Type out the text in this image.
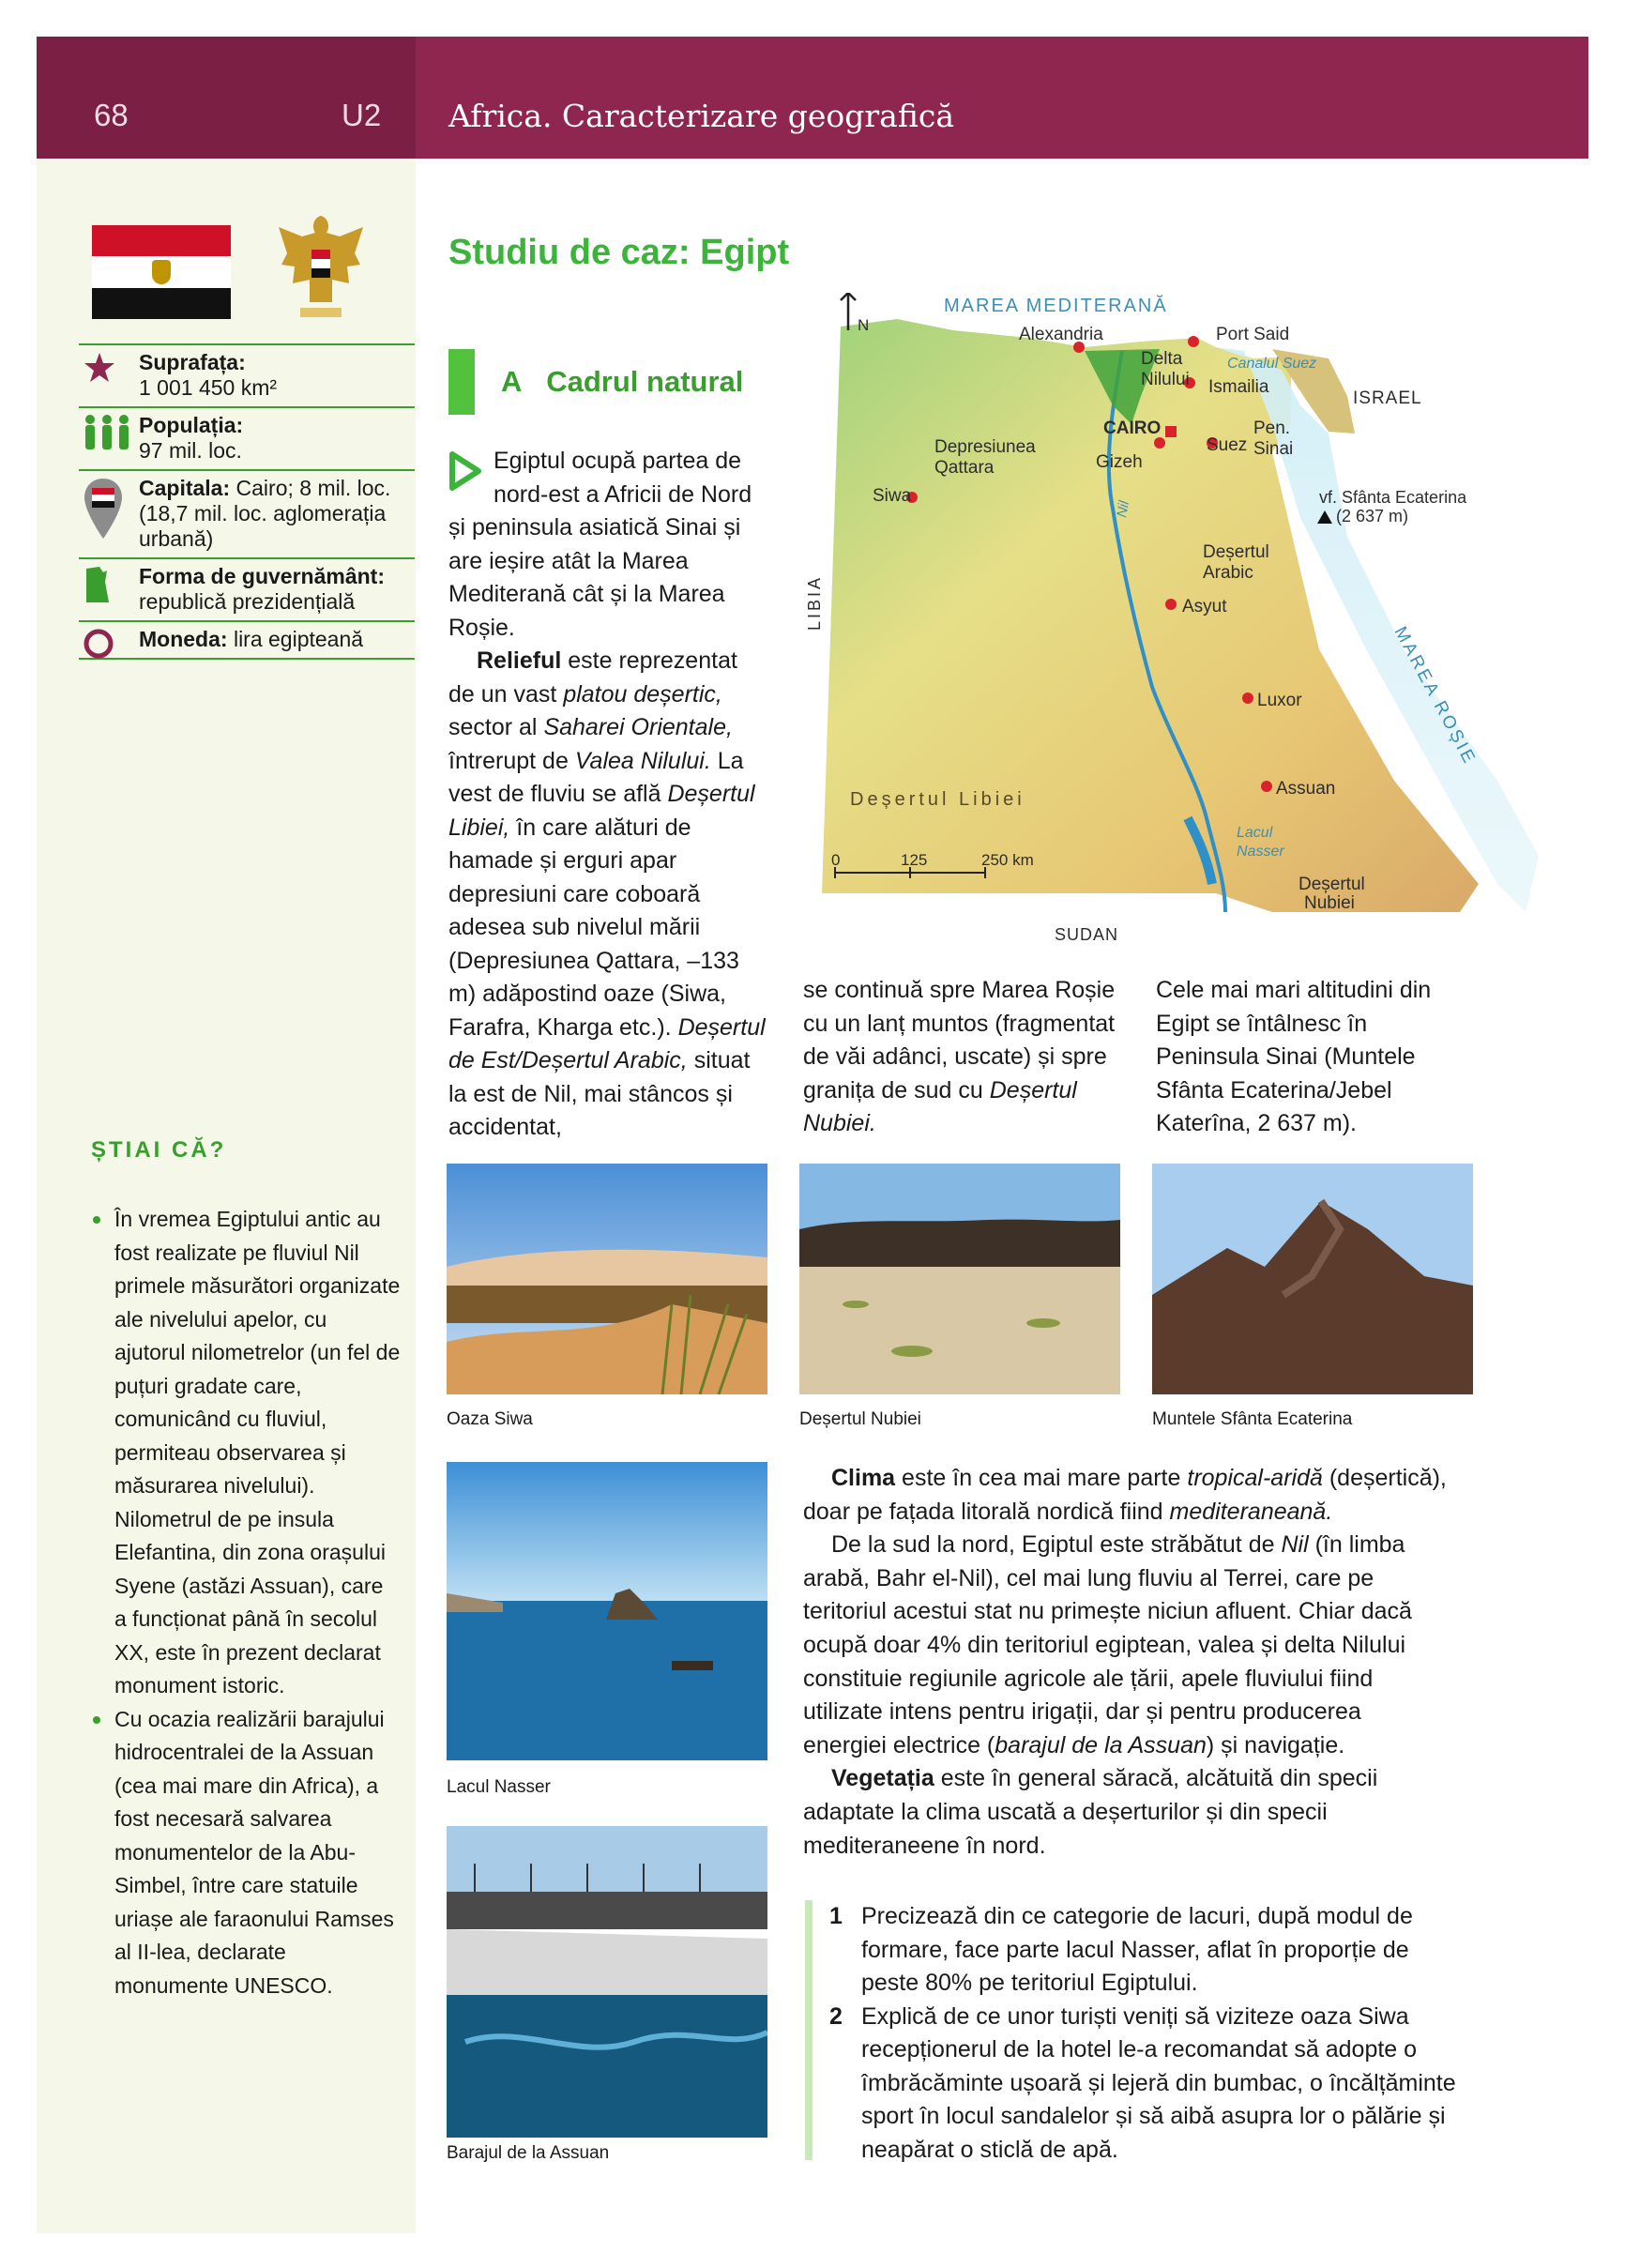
68	U2 Africa. Caracterizare geografică
Suprafața:
1 001 450 km²
Populația:
97 mil. loc.
Capitala: Cairo; 8 mil. loc. (18,7 mil. loc. aglomerația urbană)
Forma de guvernământ:
republică prezidențială
Moneda: lira egipteană
ȘTIAI CĂ?
În vremea Egiptului antic au fost realizate pe fluviul Nil primele măsurători organizate ale nivelului apelor, cu ajutorul nilometrelor (un fel de puțuri gradate care, comunicând cu fluviul, permiteau observarea și măsurarea nivelului). Nilometrul de pe insula Elefantina, din zona orașului Syene (astăzi Assuan), care a funcționat până în secolul XX, este în prezent declarat monument istoric.
Cu ocazia realizării barajului hidrocentralei de la Assuan (cea mai mare din Africa), a fost necesară salvarea monumentelor de la Abu-Simbel, între care statuile uriașe ale faraonului Ramses al II-lea, declarate monumente UNESCO.
Studiu de caz: Egipt
A Cadrul natural
Egiptul ocupă partea de nord-est a Africii de Nord și peninsula asiatică Sinai și are ieșire atât la Marea Mediterană cât și la Marea Roșie.
Relieful este reprezentat de un vast platou deșertic, sector al Saharei Orientale, întrerupt de Valea Nilului. La vest de fluviu se află Deșertul Libiei, în care alături de hamade și erguri apar depresiuni care coboară adesea sub nivelul mării (Depresiunea Qattara, –133 m) adăpostind oaze (Siwa, Farafra, Kharga etc.). Deșertul de Est/Deșertul Arabic, situat la est de Nil, mai stâncos și accidentat,
se continuă spre Marea Roșie cu un lanț muntos (fragmentat de văi adânci, uscate) și spre granița de sud cu Deșertul Nubiei.
Cele mai mari altitudini din Egipt se întâlnesc în Peninsula Sinai (Muntele Sfânta Ecaterina/Jebel Katerîna, 2 637 m).
N
MAREA MEDITERANĂ
Alexandria	Port Said
Delta
Nilului
Canalul Suez
Ismailia
ISRAEL
CAIRO
Gizeh
Depresiunea
Qattara
Pen.
Sinai
Suez
Siwa	vf. Sfânta Ecaterina
(2 637 m)
Deșertul
Arabic
Asyut
Luxor
Assuan
Deșertul Libiei
Lacul
Nasser
Deșertul
Nubiei
SUDAN
0	125	250 km
LIBIA
MAREA ROȘIE
Nil
Oaza Siwa	Deșertul Nubiei	Muntele Sfânta Ecaterina
Lacul Nasser
Barajul de la Assuan
Clima este în cea mai mare parte tropical-aridă (deșertică), doar pe fațada litorală nordică fiind mediteraneană.
De la sud la nord, Egiptul este străbătut de Nil (în limba arabă, Bahr el-Nil), cel mai lung fluviu al Terrei, care pe teritoriul acestui stat nu primește niciun afluent. Chiar dacă ocupă doar 4% din teritoriul egiptean, valea și delta Nilului constituie regiunile agricole ale țării, apele fluviului fiind utilizate intens pentru irigații, dar și pentru producerea energiei electrice (barajul de la Assuan) și navigație.
Vegetația este în general săracă, alcătuită din specii adaptate la clima uscată a deșerturilor și din specii mediteraneene în nord.
1 Precizează din ce categorie de lacuri, după modul de formare, face parte lacul Nasser, aflat în proporție de peste 80% pe teritoriul Egiptului.
2 Explică de ce unor turiști veniți să viziteze oaza Siwa recepționerul de la hotel le-a recomandat să adopte o îmbrăcăminte ușoară și lejeră din bumbac, o încălțăminte sport în locul sandalelor și să aibă asupra lor o pălărie și neapărat o sticlă de apă.
